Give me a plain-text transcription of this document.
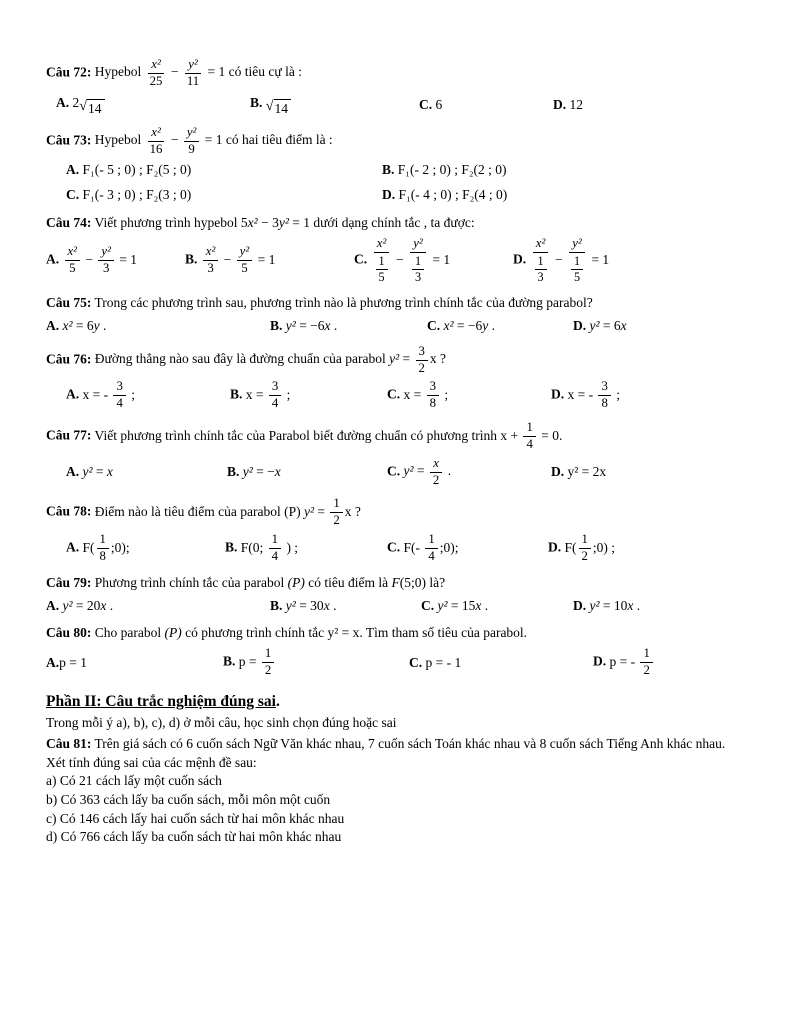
Câu 72: Hypebol $\frac{\text{x²}}{25} - \frac{\text{y²}}{11} = 1$ có tiêu cự là :

A. 2 √ 14	B. √ 14	C. 6	D. 12

Câu 73: Hypebol $\frac{\text{x²}}{16} - \frac{\text{y²}}{9} = 1$ có hai tiêu điểm là :

A. F₁(- 5 ; 0) ; F₂(5 ; 0)	B. F₁(- 2 ; 0) ; F₂(2 ; 0)
C. F₁(- 3 ; 0) ; F₂(3 ; 0)	D. F₁(- 4 ; 0) ; F₂(4 ; 0)

Câu 74: Viết phương trình hypebol 5x² − 3y² = 1 dưới dạng chính tắc , ta được:

A. $\frac{\text{x²}}{5} - \frac{\text{y²}}{3} = 1$	B. $\frac{\text{x²}}{3} - \frac{\text{y²}}{5} = 1$	C. $\frac{\text{x²}}{\frac{1}{5}} - \frac{\text{y²}}{\frac{1}{3}} = 1$	D. $\frac{\text{x²}}{\frac{1}{3}} - \frac{\text{y²}}{\frac{1}{5}} = 1$

Câu 75: Trong các phương trình sau, phương trình nào là phương trình chính tắc của đường parabol?

A. x² = 6y .	B. y² = −6x .	C. x² = −6y .	D. y² = 6x

Câu 76: Đường thẳng nào sau đây là đường chuẩn của parabol $y^2 = \frac{3}{2}$ x ?

A. x = - $\frac{3}{4}$ ;	B. $x = \frac{3}{4}$ ;	C. $x = \frac{3}{8}$ ;	D. x = - $\frac{3}{8}$ ;

Câu 77: Viết phương trình chính tắc của Parabol biết đường chuẩn có phương trình $x + \frac{1}{4} = 0$.

A. y² = x	B. y² = −x	C. $y^2 = \frac{x}{2}$ .	D. y² = 2x

Câu 78: Điểm nào là tiêu điểm của parabol (P) $y^2 = \frac{1}{2}$ x ?

A. $F( \frac{1}{8}$ ;0);	B. F(0; $\frac{1}{4}$ ) ;	C. $F(- \frac{1}{4}$ ;0);	D. $F( \frac{1}{2}$ ;0) ;

Câu 79: Phương trình chính tắc của parabol (P) có tiêu điểm là F(5;0) là?

A. y² = 20x .	B. y² = 30x .	C. y² = 15x .	D. y² = 10x .

Câu 80: Cho parabol (P) có phương trình chính tắc y² = x. Tìm tham số tiêu của parabol.

A.p = 1	B. $p = \frac{1}{2}$	C. p = - 1	D. p = - $\frac{1}{2}$

Phần II: Câu trắc nghiệm đúng sai.

Trong mỗi ý a), b), c), d) ở mỗi câu, học sinh chọn đúng hoặc sai

Câu 81: Trên giá sách có 6 cuốn sách Ngữ Văn khác nhau, 7 cuốn sách Toán khác nhau và 8 cuốn sách Tiếng Anh khác nhau.

Xét tính đúng sai của các mệnh đề sau:

a) Có 21 cách lấy một cuốn sách

b) Có 363 cách lấy ba cuốn sách, mỗi môn một cuốn

c) Có 146 cách lấy hai cuốn sách từ hai môn khác nhau

d) Có 766 cách lấy ba cuốn sách từ hai môn khác nhau
